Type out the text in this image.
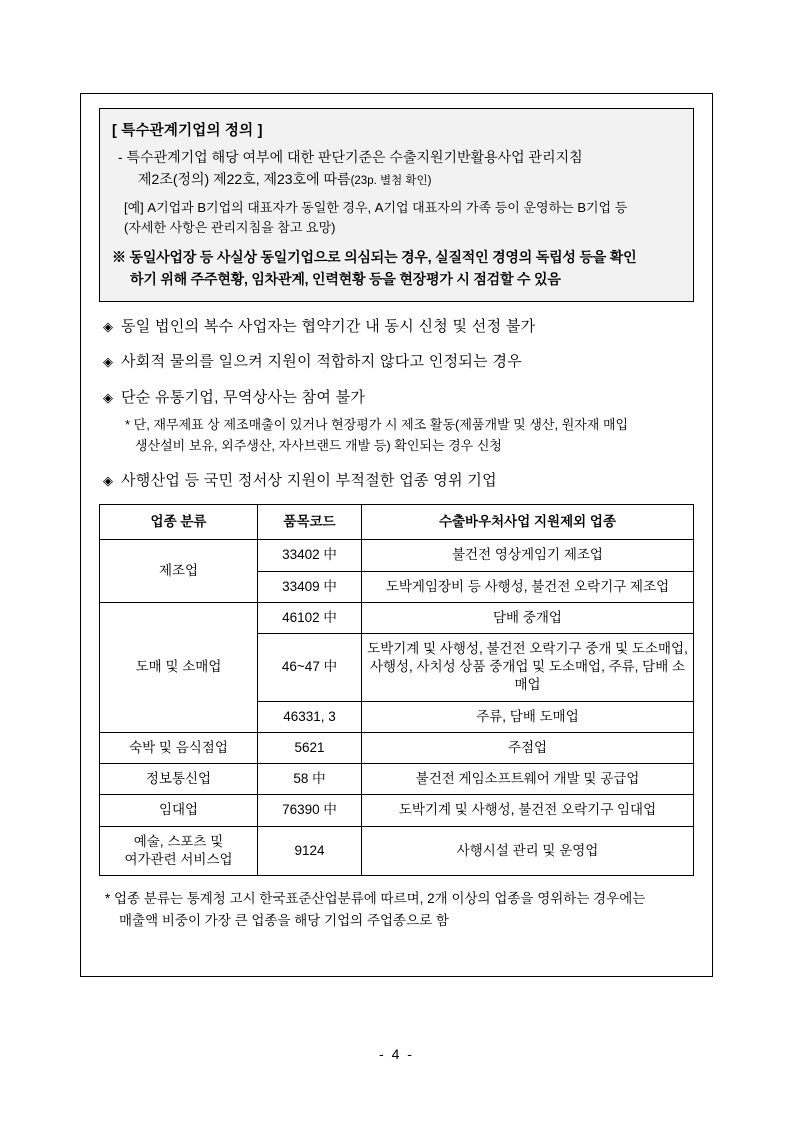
[ 특수관계기업의 정의 ]
- 특수관계기업 해당 여부에 대한 판단기준은 수출지원기반활용사업 관리지침
제2조(정의) 제22호, 제23호에 따름(23p. 별첨 확인)
[예] A기업과 B기업의 대표자가 동일한 경우, A기업 대표자의 가족 등이 운영하는 B기업 등
(자세한 사항은 관리지침을 참고 요망)
※ 동일사업장 등 사실상 동일기업으로 의심되는 경우, 실질적인 경영의 독립성 등을 확인
하기 위해 주주현황, 임차관계, 인력현황 등을 현장평가 시 점검할 수 있음
◈ 동일 법인의 복수 사업자는 협약기간 내 동시 신청 및 선정 불가
◈ 사회적 물의를 일으켜 지원이 적합하지 않다고 인정되는 경우
◈ 단순 유통기업, 무역상사는 참여 불가
* 단, 재무제표 상 제조매출이 있거나 현장평가 시 제조 활동(제품개발 및 생산, 원자재 매입
생산설비 보유, 외주생산, 자사브랜드 개발 등) 확인되는 경우 신청
◈ 사행산업 등 국민 정서상 지원이 부적절한 업종 영위 기업
업종 분류	품목코드	수출바우처사업 지원제외 업종
제조업	33402 中	불건전 영상게임기 제조업
	33409 中	도박게임장비 등 사행성, 불건전 오락기구 제조업
도매 및 소매업	46102 中	담배 중개업
	46~47 中	도박기계 및 사행성, 불건전 오락기구 중개 및 도소매업, 사행성, 사치성 상품 중개업 및 도소매업, 주류, 담배 소매업
	46331, 3	주류, 담배 도매업
숙박 및 음식점업	5621	주점업
정보통신업	58 中	불건전 게임소프트웨어 개발 및 공급업
임대업	76390 中	도박기계 및 사행성, 불건전 오락기구 임대업
예술, 스포츠 및
여가관련 서비스업	9124	사행시설 관리 및 운영업
* 업종 분류는 통계청 고시 한국표준산업분류에 따르며, 2개 이상의 업종을 영위하는 경우에는
매출액 비중이 가장 큰 업종을 해당 기업의 주업종으로 함
- 4 -
